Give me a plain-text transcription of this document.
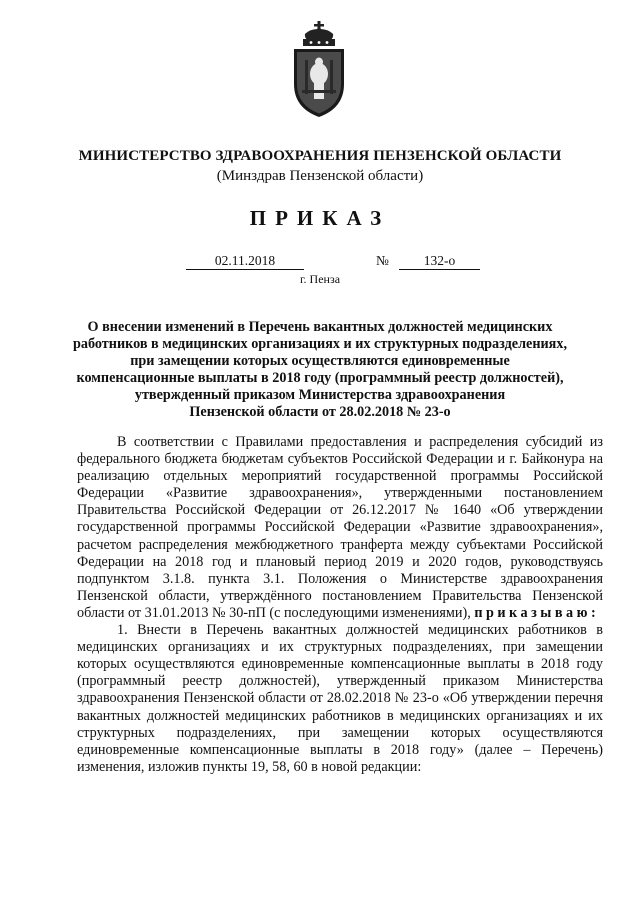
МИНИСТЕРСТВО ЗДРАВООХРАНЕНИЯ ПЕНЗЕНСКОЙ ОБЛАСТИ
(Минздрав Пензенской области)
ПРИКАЗ
02.11.2018	№	132-о
г. Пенза
О внесении изменений в Перечень вакантных должностей медицинских
работников в медицинских организациях и их структурных подразделениях,
при замещении которых осуществляются единовременные
компенсационные выплаты в 2018 году (программный реестр должностей),
утвержденный приказом Министерства здравоохранения
Пензенской области от 28.02.2018 № 23-о

В соответствии с Правилами предоставления и распределения субсидий из федерального бюджета бюджетам субъектов Российской Федерации и г. Байконура на реализацию отдельных мероприятий государственной программы Российской Федерации «Развитие здравоохранения», утвержденными постановлением Правительства Российской Федерации от 26.12.2017 № 1640 «Об утверждении государственной программы Российской Федерации «Развитие здравоохранения», расчетом распределения межбюджетного транферта между субъектами Российской Федерации на 2018 год и плановый период 2019 и 2020 годов, руководствуясь подпунктом 3.1.8. пункта 3.1. Положения о Министерстве здравоохранения Пензенской области, утверждённого постановлением Правительства Пензенской области от 31.01.2013 № 30-пП (с последующими изменениями), приказываю:

1. Внести в Перечень вакантных должностей медицинских работников в медицинских организациях и их структурных подразделениях, при замещении которых осуществляются единовременные компенсационные выплаты в 2018 году (программный реестр должностей), утвержденный приказом Министерства здравоохранения Пензенской области от 28.02.2018 № 23-о «Об утверждении перечня вакантных должностей медицинских работников в медицинских организациях и их структурных подразделениях, при замещении которых осуществляются единовременные компенсационные выплаты в 2018 году» (далее – Перечень) изменения, изложив пункты 19, 58, 60 в новой редакции:
